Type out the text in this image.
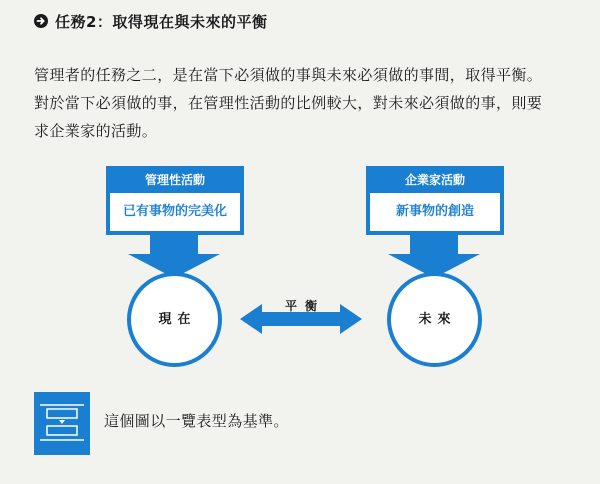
任務2：取得現在與未來的平衡
管理者的任務之二，是在當下必須做的事與未來必須做的事間，取得平衡。
對於當下必須做的事，在管理性活動的比例較大，對未來必須做的事，則要
求企業家的活動。
管理性活動
已有事物的完美化
企業家活動
新事物的創造
現在	未來
平衡
這個圖以一覽表型為基準。
